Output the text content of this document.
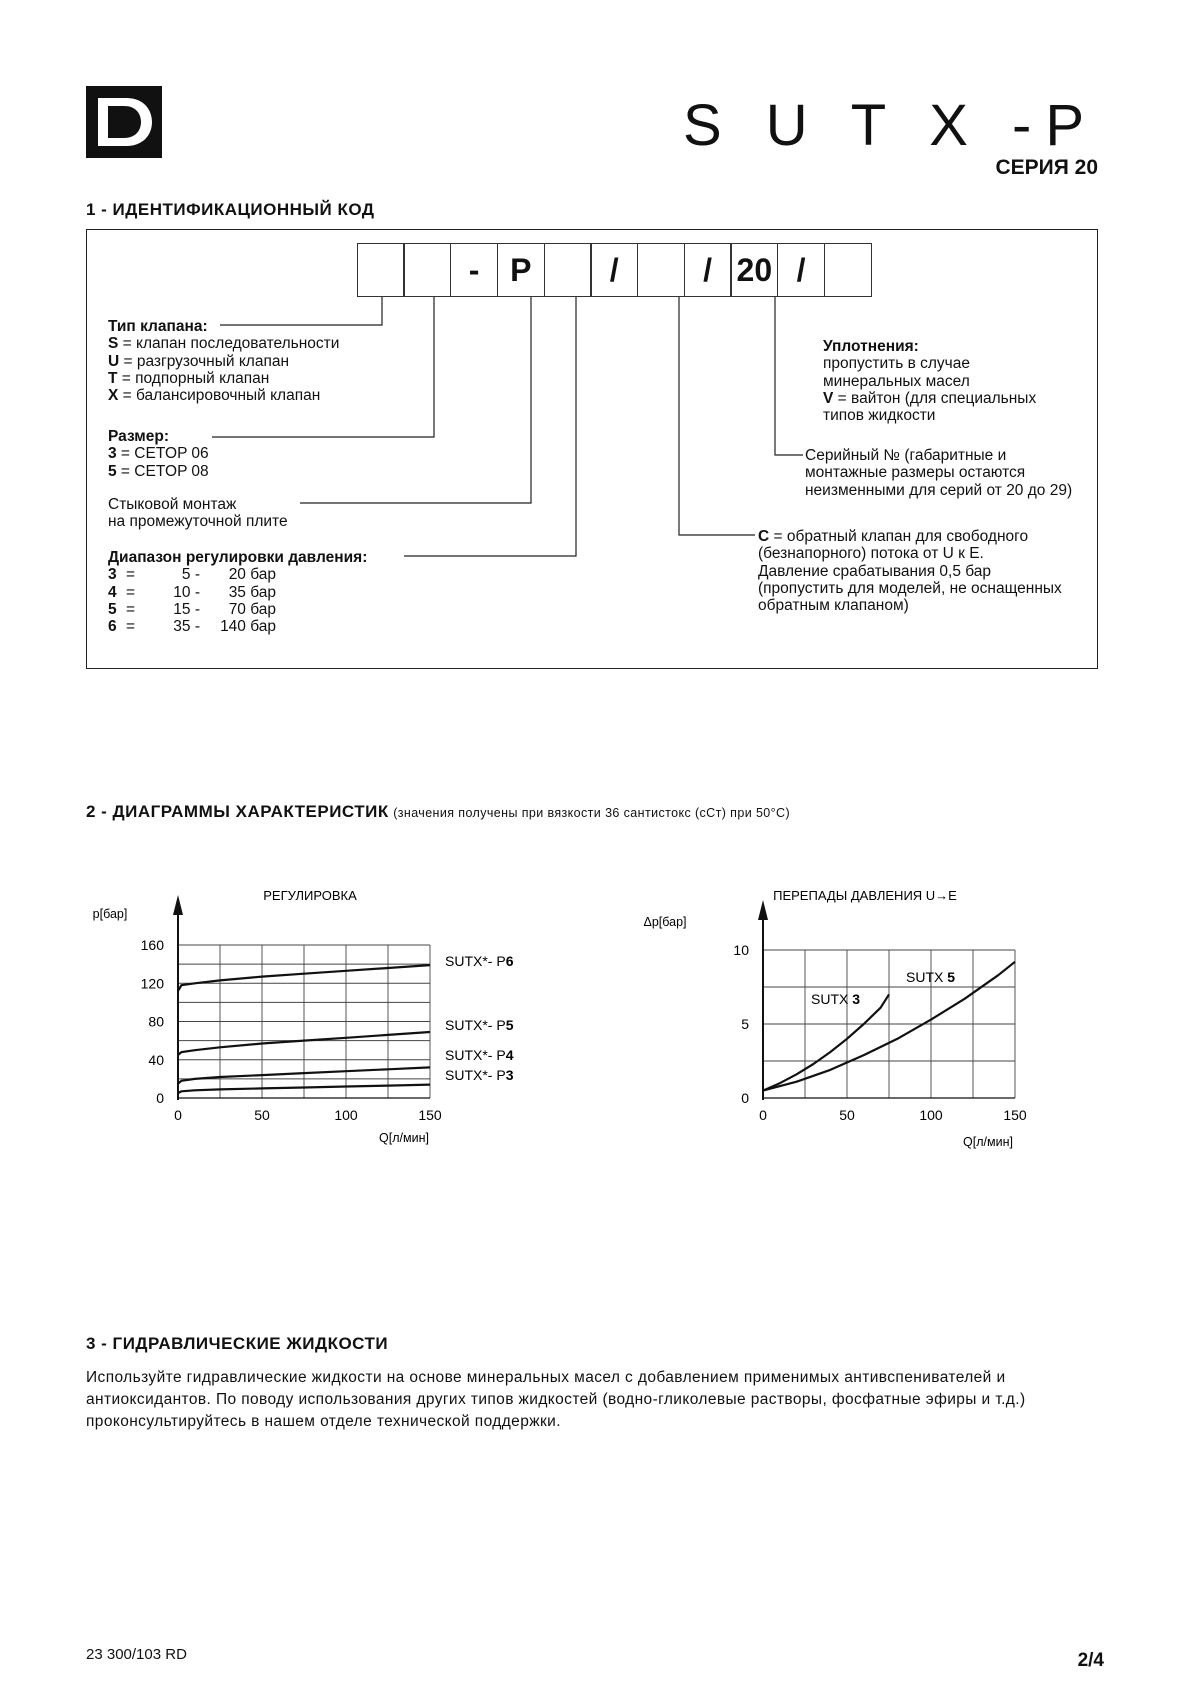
S U T X -P
СЕРИЯ 20
1 - ИДЕНТИФИКАЦИОННЫЙ КОД
- P	/	/ 20 /
Тип клапана:
S = клапан последовательности
U = разгрузочный клапан
T = подпорный клапан
X = балансировочный клапан
Размер:
3 = CETOP 06
5 = CETOP 08
Стыковой монтаж
на промежуточной плите
Диапазон регулировки давления:
3 =	5 -	20 бар
4 =	10 -	35 бар
5 =	15 -	70 бар
6 =	35 -	140 бар
Уплотнения:
пропустить в случае
минеральных масел
V = вайтон (для специальных
типов жидкости
Серийный № (габаритные и
монтажные размеры остаются
неизменными для серий от 20 до 29)
C = обратный клапан для свободного
(безнапорного) потока от U к E.
Давление срабатывания 0,5 бар
(пропустить для моделей, не оснащенных
обратным клапаном)
2 - ДИАГРАММЫ ХАРАКТЕРИСТИК (значения получены при вязкости 36 сантистокс (сСт) при 50°С)
РЕГУЛИРОВКА
р[бар]
Q[л/мин]
0	50	100	150
0
40
80
120
160
SUTX*- P6
SUTX*- P5
SUTX*- P4
SUTX*- P3
ПЕРЕПАДЫ ДАВЛЕНИЯ U→E
Δр[бар]
Q[л/мин]
0	50	100	150
0
5
10
SUTX 3
SUTX 5
3 - ГИДРАВЛИЧЕСКИЕ ЖИДКОСТИ
Используйте гидравлические жидкости на основе минеральных масел с добавлением применимых антивспенивателей и антиоксидантов. По поводу использования других типов жидкостей (водно-гликолевые растворы, фосфатные эфиры и т.д.) проконсультируйтесь в нашем отделе технической поддержки.
23 300/103 RD	2/4
